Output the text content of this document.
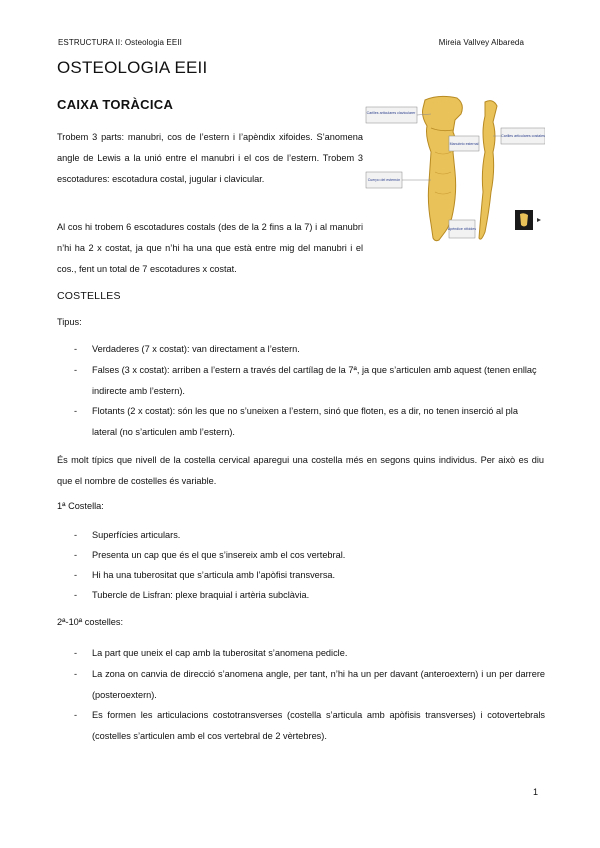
ESTRUCTURA II: Osteologia EEII	Mireia Vallvey Albareda
OSTEOLOGIA EEII
CAIXA TORÀCICA

Trobem 3 parts: manubri, cos de l’estern i l’apèndix xifoides. S’anomena angle de Lewis a la unió entre el manubri i el cos de l’estern. Trobem 3 escotadures: escotadura costal, jugular i clavicular.

Al cos hi trobem 6 escotadures costals (des de la 2 fins a la 7) i al manubri n’hi ha 2 x costat, ja que n’hi ha una que està entre mig del manubri i el cos., fent un total de 7 escotadures x costat.

Carilles articulares clavicularer
Manubrio esternal
Carilles articulares costales
Cuerpo del esternón
Apéndice xifoides
COSTELLES

Tipus:

- Verdaderes (7 x costat): van directament a l’estern.
- Falses (3 x costat): arriben a l’estern a través del cartílag de la 7ª, ja que s’articulen amb aquest (tenen enllaç indirecte amb l’estern).
- Flotants (2 x costat): són les que no s’uneixen a l’estern, sinó que floten, es a dir, no tenen inserció al pla lateral (no s’articulen amb l’estern).

És molt típics que nivell de la costella cervical aparegui una costella més en segons quins individus. Per això es diu que el nombre de costelles és variable.

1ª Costella:

- Superfícies articulars.
- Presenta un cap que és el que s’insereix amb el cos vertebral.
- Hi ha una tuberositat que s’articula amb l’apòfisi transversa.
- Tubercle de Lisfran: plexe braquial i artèria subclàvia.

2ª-10ª costelles:

- La part que uneix el cap amb la tuberositat s’anomena pedicle.
- La zona on canvia de direcció s’anomena angle, per tant, n’hi ha un per davant (anteroextern) i un per darrere (posteroextern).
- Es formen les articulacions costotransverses (costella s’articula amb apòfisis transverses) i cotovertebrals (costelles s’articulen amb el cos vertebral de 2 vèrtebres).
1
